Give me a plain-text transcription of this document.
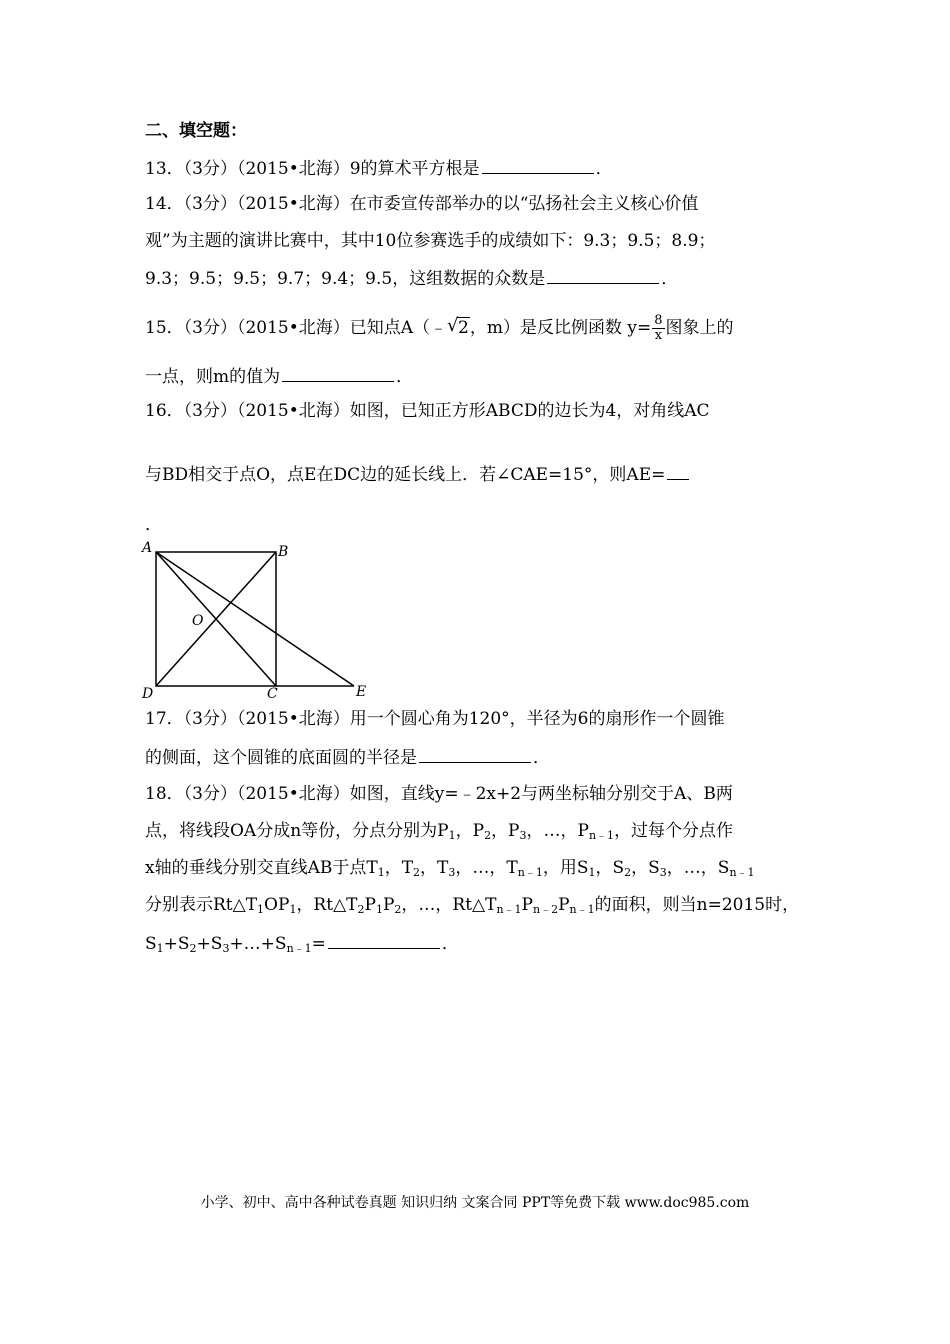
二、填空题：
13．（3分）（2015•北海）9的算术平方根是	．
14．（3分）（2015•北海）在市委宣传部举办的以“弘扬社会主义核心价值
观”为主题的演讲比赛中，其中10位参赛选手的成绩如下：9.3；9.5；8.9；
9.3；9.5；9.5；9.7；9.4；9.5，这组数据的众数是	．
15．（3分）（2015•北海）已知点A（﹣ √ 2，m）是反比例函数 $y= \frac{8}{x}$ 图象上的
一点，则m的值为	．
16．（3分）（2015•北海）如图，已知正方形ABCD的边长为4，对角线AC
与BD相交于点O，点E在DC边的延长线上．若∠CAE=15°，则AE=
．
A	B
C
D
O
E
17．（3分）（2015•北海）用一个圆心角为120°，半径为6的扇形作一个圆锥
的侧面，这个圆锥的底面圆的半径是	．
18．（3分）（2015•北海）如图，直线y=﹣2x+2与两坐标轴分别交于A、B两
点，将线段OA分成n等份，分点分别为$P_1$，$P_2$，$P_3$，…，$P_{n﹣1}$，过每个分点作
x轴的垂线分别交直线AB于点$T_1$，$T_2$，$T_3$，…，$T_{n﹣1}$，用$S_1$，$S_2$，$S_3$，…，$S_{n﹣1}$
分别表示$Rt\triangle T_1OP_1$，$Rt\triangle T_2P_1P_2$，…，$Rt\triangle T_{n﹣1}P_{n﹣2}P_{n﹣1}$的面积，则当n=2015时，
$S_1+S_2+S_3+\dots+S_{n﹣1}=$	．
小学、初中、高中各种试卷真题 知识归纳 文案合同 PPT等免费下载 www.doc985.com
